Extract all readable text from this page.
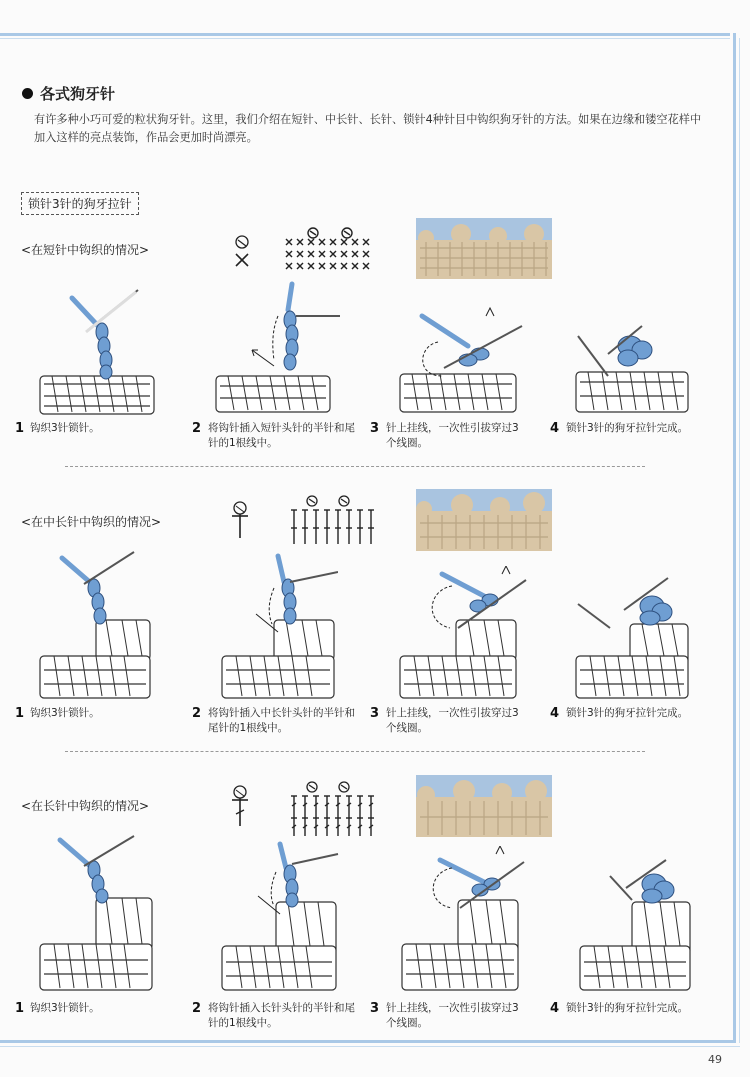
各式狗牙针
有许多种小巧可爱的粒状狗牙针。这里，我们介绍在短针、中长针、长针、锁针4种针目中钩织狗牙针的方法。如果在边缘和镂空花样中加入这样的亮点装饰，作品会更加时尚漂亮。
锁针3针的狗牙拉针
<在短针中钩织的情况>
<在中长针中钩织的情况>
<在长针中钩织的情况>
1 钩织3针锁针。	2 将钩针插入短针头针的半针和尾针的1根线中。
3 针上挂线，一次性引拔穿过3个线圈。
4 锁针3针的狗牙拉针完成。
1 钩织3针锁针。	2 将钩针插入中长针头针的半针和尾针的1根线中。
3 针上挂线，一次性引拔穿过3个线圈。
4 锁针3针的狗牙拉针完成。
1 钩织3针锁针。	2 将钩针插入长针头针的半针和尾针的1根线中。
3 针上挂线，一次性引拔穿过3个线圈。
4 锁针3针的狗牙拉针完成。
49
